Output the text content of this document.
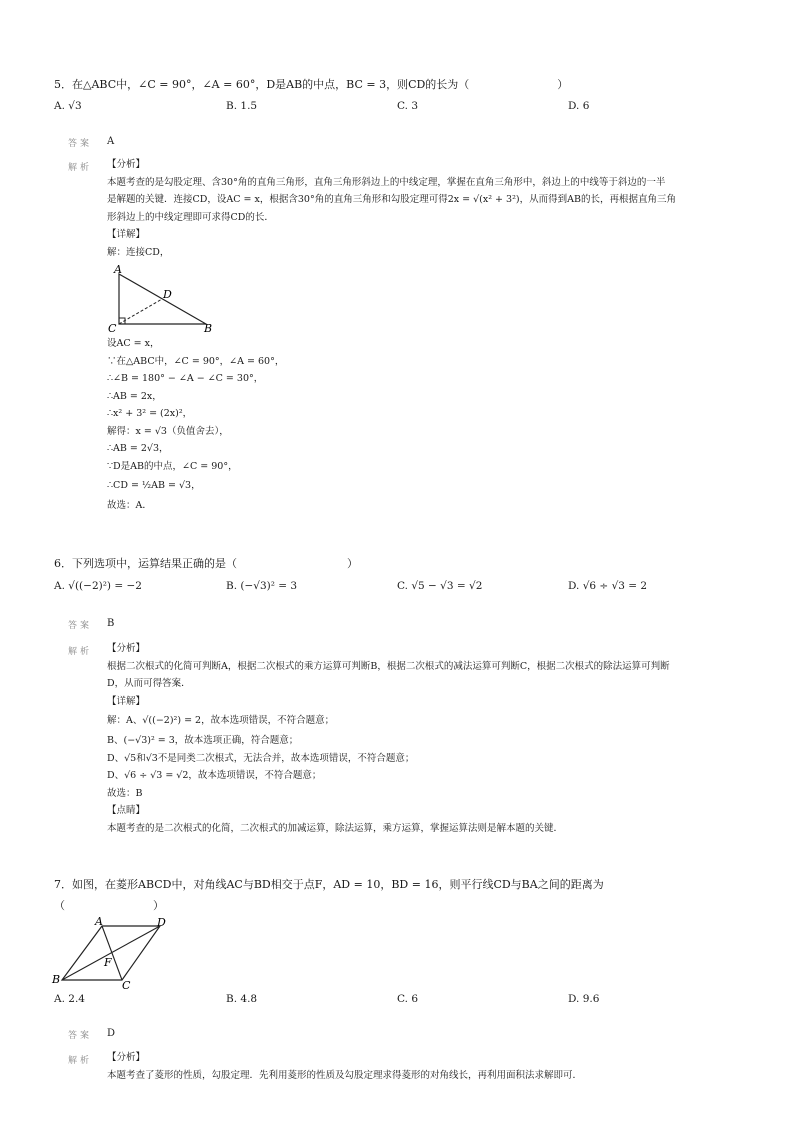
5．在△ABC中，∠C = 90°，∠A = 60°，D是AB的中点，BC = 3，则CD的长为（　　　　　　　　）
A. √3	B. 1.5	C. 3	D. 6
答案 A
解析 【分析】
本题考查的是勾股定理、含30°角的直角三角形，直角三角形斜边上的中线定理，掌握在直角三角形中，斜边上的中线等于斜边的一半
是解题的关键．连接CD，设AC = x，根据含30°角的直角三角形和勾股定理可得2x = √(x² + 3²)，从而得到AB的长，再根据直角三角
形斜边上的中线定理即可求得CD的长．
【详解】
解：连接CD，
A
D
C	B
设AC = x，
∵在△ABC中，∠C = 90°，∠A = 60°，
∴∠B = 180° − ∠A − ∠C = 30°，
∴AB = 2x，
∴x² + 3² = (2x)²，
解得：x = √3（负值舍去），
∴AB = 2√3，
∵D是AB的中点，∠C = 90°，
∴CD = ½AB = √3，
故选：A．
6．下列选项中，运算结果正确的是（　　　　　　　　　　）
A. √((−2)²) = −2	B. (−√3)² = 3	C. √5 − √3 = √2	D. √6 ÷ √3 = 2
答案 B
解析 【分析】
根据二次根式的化简可判断A，根据二次根式的乘方运算可判断B，根据二次根式的减法运算可判断C，根据二次根式的除法运算可判断
D，从而可得答案．
【详解】
解：A、√((−2)²) = 2，故本选项错误，不符合题意；
B、(−√3)² = 3，故本选项正确，符合题意；
D、√5和√3不是同类二次根式，无法合并，故本选项错误，不符合题意；
D、√6 ÷ √3 = √2，故本选项错误，不符合题意；
故选：B
【点睛】
本题考查的是二次根式的化简，二次根式的加减运算，除法运算，乘方运算，掌握运算法则是解本题的关键．
7．如图，在菱形ABCD中，对角线AC与BD相交于点F，AD = 10，BD = 16，则平行线CD与BA之间的距离为
（　　　　　　　　）
A	D
B	C
F
A. 2.4	B. 4.8	C. 6	D. 9.6
答案 D
解析 【分析】
本题考查了菱形的性质，勾股定理．先利用菱形的性质及勾股定理求得菱形的对角线长，再利用面积法求解即可．
